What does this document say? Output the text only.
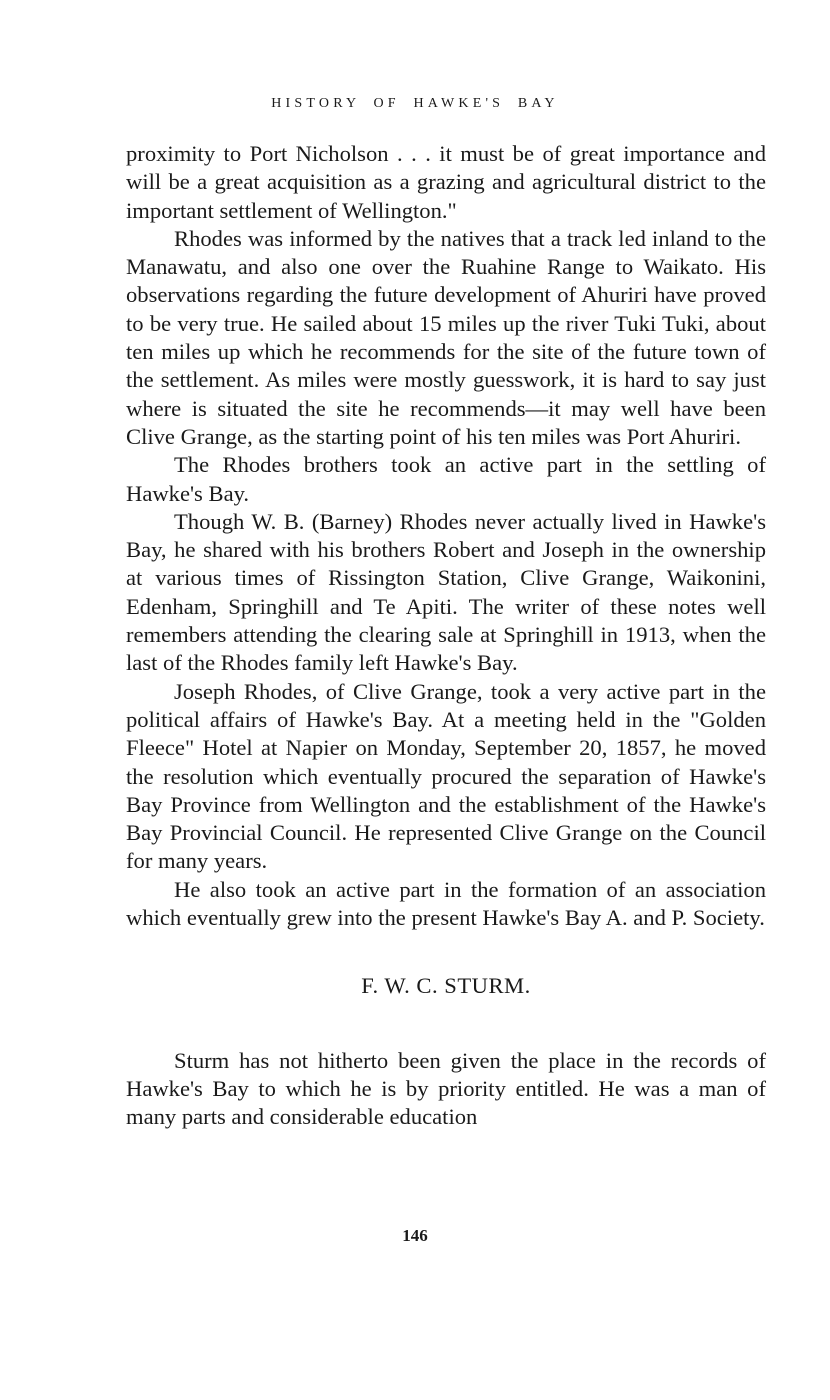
HISTORY OF HAWKE'S BAY

proximity to Port Nicholson . . . it must be of great importance and will be a great acquisition as a grazing and agricultural district to the important settlement of Wellington."

Rhodes was informed by the natives that a track led inland to the Manawatu, and also one over the Ruahine Range to Waikato. His observations regarding the future development of Ahuriri have proved to be very true. He sailed about 15 miles up the river Tuki Tuki, about ten miles up which he recommends for the site of the future town of the settlement. As miles were mostly guesswork, it is hard to say just where is situated the site he recommends—it may well have been Clive Grange, as the starting point of his ten miles was Port Ahuriri.

The Rhodes brothers took an active part in the settling of Hawke's Bay.

Though W. B. (Barney) Rhodes never actually lived in Hawke's Bay, he shared with his brothers Robert and Joseph in the ownership at various times of Rissington Station, Clive Grange, Waikonini, Edenham, Springhill and Te Apiti. The writer of these notes well remembers attending the clearing sale at Springhill in 1913, when the last of the Rhodes family left Hawke's Bay.

Joseph Rhodes, of Clive Grange, took a very active part in the political affairs of Hawke's Bay. At a meeting held in the "Golden Fleece" Hotel at Napier on Monday, September 20, 1857, he moved the resolution which eventually procured the separation of Hawke's Bay Province from Wellington and the establishment of the Hawke's Bay Provincial Council. He represented Clive Grange on the Council for many years.

He also took an active part in the formation of an association which eventually grew into the present Hawke's Bay A. and P. Society.

F. W. C. STURM.

Sturm has not hitherto been given the place in the records of Hawke's Bay to which he is by priority entitled. He was a man of many parts and considerable education

146
